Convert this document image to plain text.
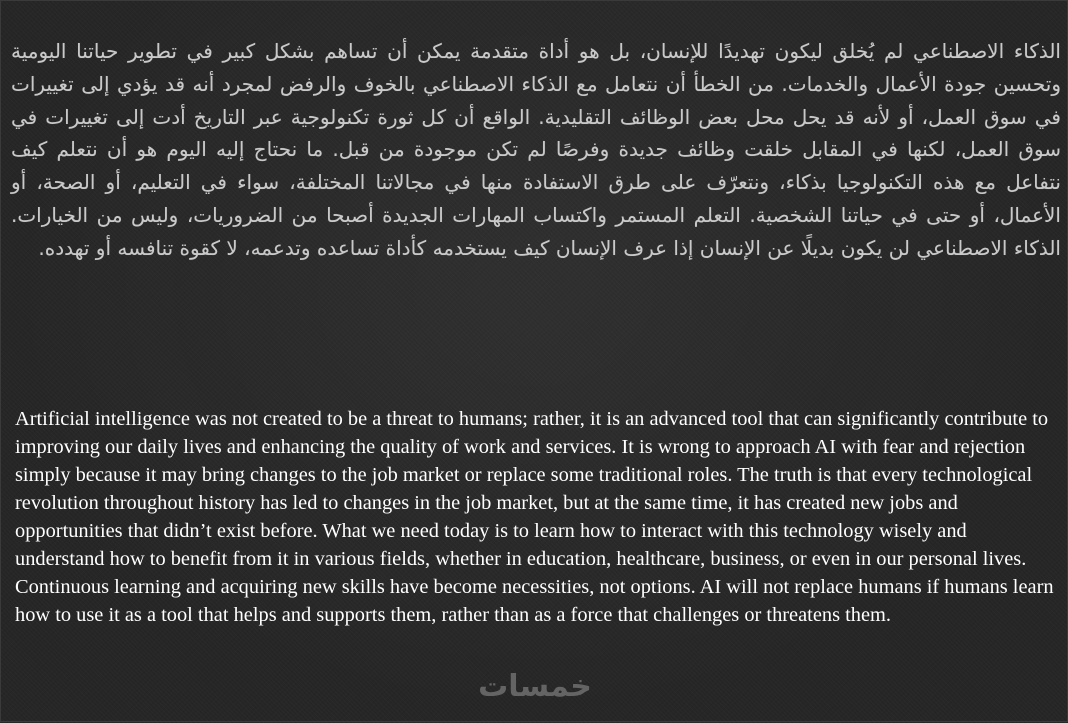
الذكاء الاصطناعي لم يُخلق ليكون تهديدًا للإنسان، بل هو أداة متقدمة يمكن أن تساهم بشكل كبير في تطوير حياتنا اليومية وتحسين جودة الأعمال والخدمات. من الخطأ أن نتعامل مع الذكاء الاصطناعي بالخوف والرفض لمجرد أنه قد يؤدي إلى تغييرات في سوق العمل، أو لأنه قد يحل محل بعض الوظائف التقليدية. الواقع أن كل ثورة تكنولوجية عبر التاريخ أدت إلى تغييرات في سوق العمل، لكنها في المقابل خلقت وظائف جديدة وفرصًا لم تكن موجودة من قبل. ما نحتاج إليه اليوم هو أن نتعلم كيف نتفاعل مع هذه التكنولوجيا بذكاء، ونتعرّف على طرق الاستفادة منها في مجالاتنا المختلفة، سواء في التعليم، أو الصحة، أو الأعمال، أو حتى في حياتنا الشخصية. التعلم المستمر واكتساب المهارات الجديدة أصبحا من الضروريات، وليس من الخيارات. الذكاء الاصطناعي لن يكون بديلًا عن الإنسان إذا عرف الإنسان كيف يستخدمه كأداة تساعده وتدعمه، لا كقوة تنافسه أو تهدده.

Artificial intelligence was not created to be a threat to humans; rather, it is an advanced tool that can significantly contribute to improving our daily lives and enhancing the quality of work and services. It is wrong to approach AI with fear and rejection simply because it may bring changes to the job market or replace some traditional roles. The truth is that every technological revolution throughout history has led to changes in the job market, but at the same time, it has created new jobs and opportunities that didn’t exist before. What we need today is to learn how to interact with this technology wisely and understand how to benefit from it in various fields, whether in education, healthcare, business, or even in our personal lives. Continuous learning and acquiring new skills have become necessities, not options. AI will not replace humans if humans learn how to use it as a tool that helps and supports them, rather than as a force that challenges or threatens them.

خمسات
